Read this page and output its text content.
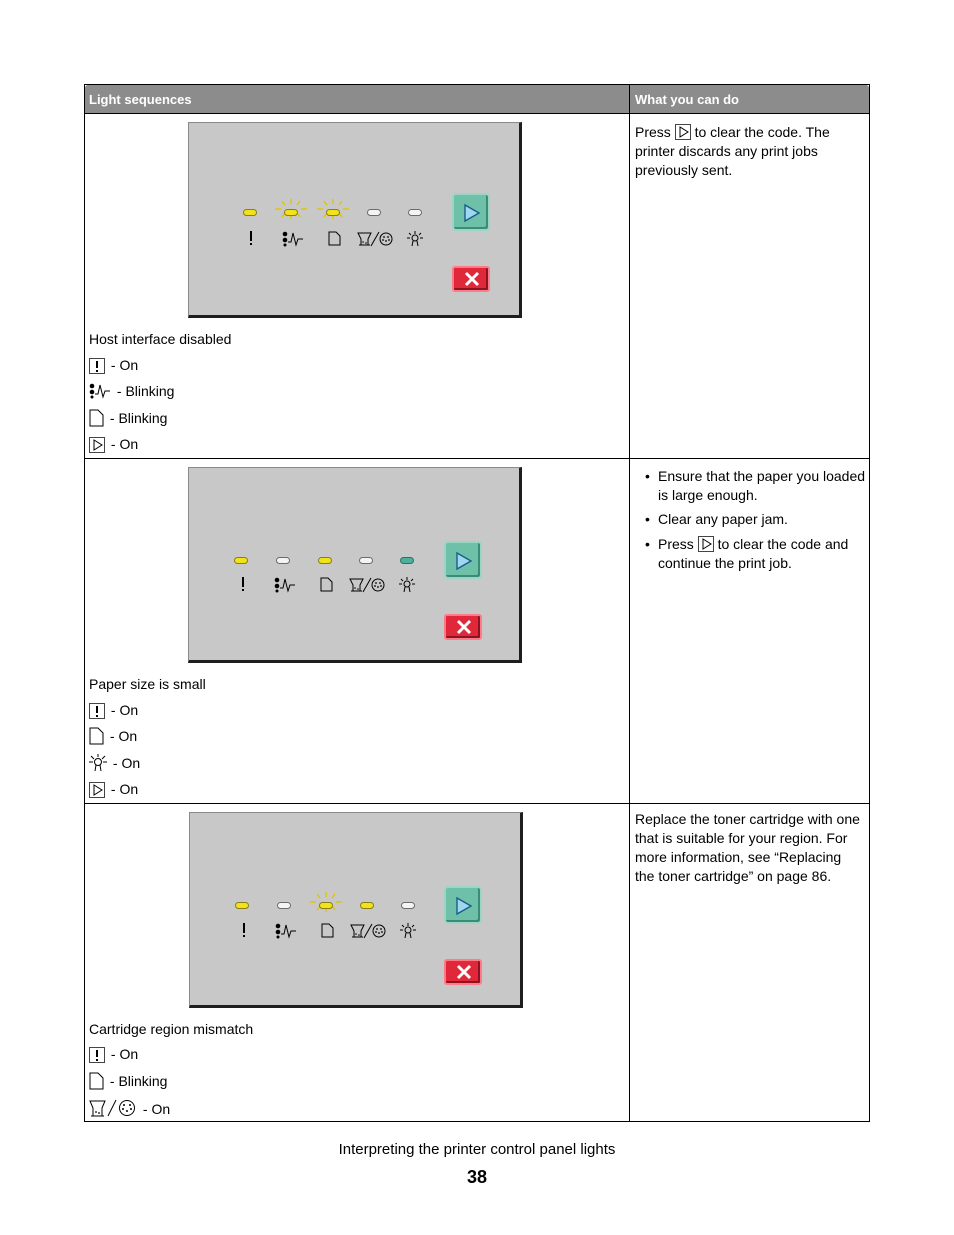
Light sequences	What you can do
Host interface disabled
- On
- Blinking
- Blinking
- On
Press to clear the code. The
printer discards any print jobs
previously sent.
Paper size is small
- On
- On
- On
- On
• Ensure that the paper you loaded
is large enough.
• Clear any paper jam.
• Press to clear the code and
continue the print job.
Cartridge region mismatch
- On
- Blinking
- On
Replace the toner cartridge with one
that is suitable for your region. For
more information, see “Replacing
the toner cartridge” on page 86.
Interpreting the printer control panel lights
38
